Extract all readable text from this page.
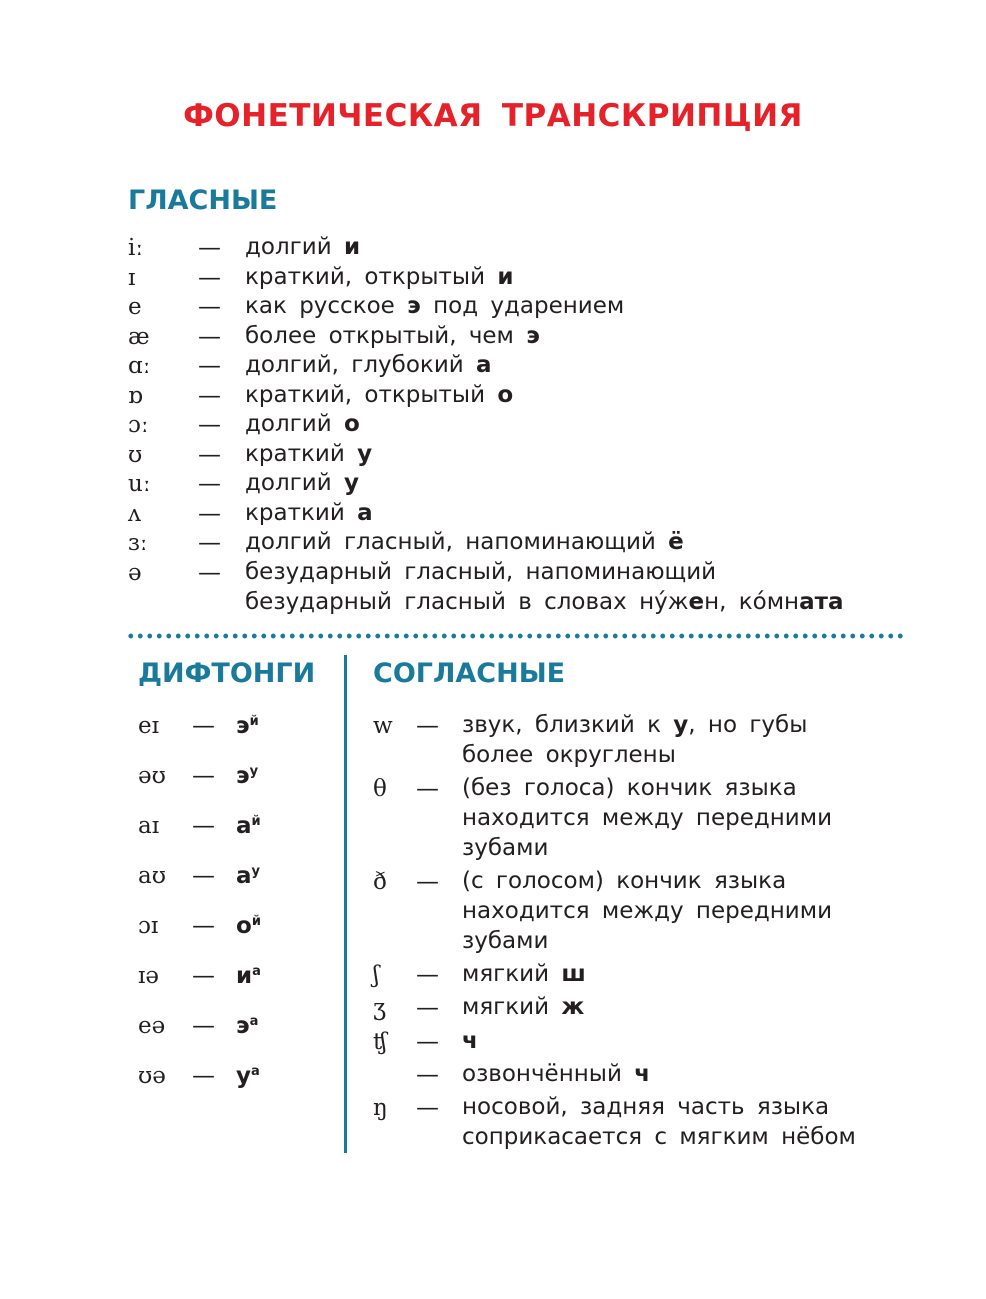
ФОНЕТИЧЕСКАЯ ТРАНСКРИПЦИЯ
ГЛАСНЫЕ
iː — долгий и
ɪ	— краткий, открытый и
e — как русское э под ударением
æ — более открытый, чем э
ɑː — долгий, глубокий а
ɒ — краткий, открытый о
ɔː — долгий о
ʊ — краткий у
uː — долгий у
ʌ — краткий а
ɜː — долгий гласный, напоминающий ё
ə — безударный гласный, напоминающий
безударный гласный в словах ну́жен, ко́мната
ДИФТОНГИ
eɪ — $э^й$
əʊ — $э^у$
aɪ — $а^й$
aʊ — $а^у$
ɔɪ — $о^й$
ɪə — $и^а$
eə — $э^а$
ʊə — $у^а$
СОГЛАСНЫЕ
w — звук, близкий к у, но губы
более округлены
θ — (без голоса) кончик языка
находится между передними
зубами
ð — (с голосом) кончик языка
находится между передними
зубами
ʃ — мягкий ш
ʒ — мягкий ж
ʧ — ч
— озвончённый ч
ŋ — носовой, задняя часть языка
соприкасается с мягким нёбом
